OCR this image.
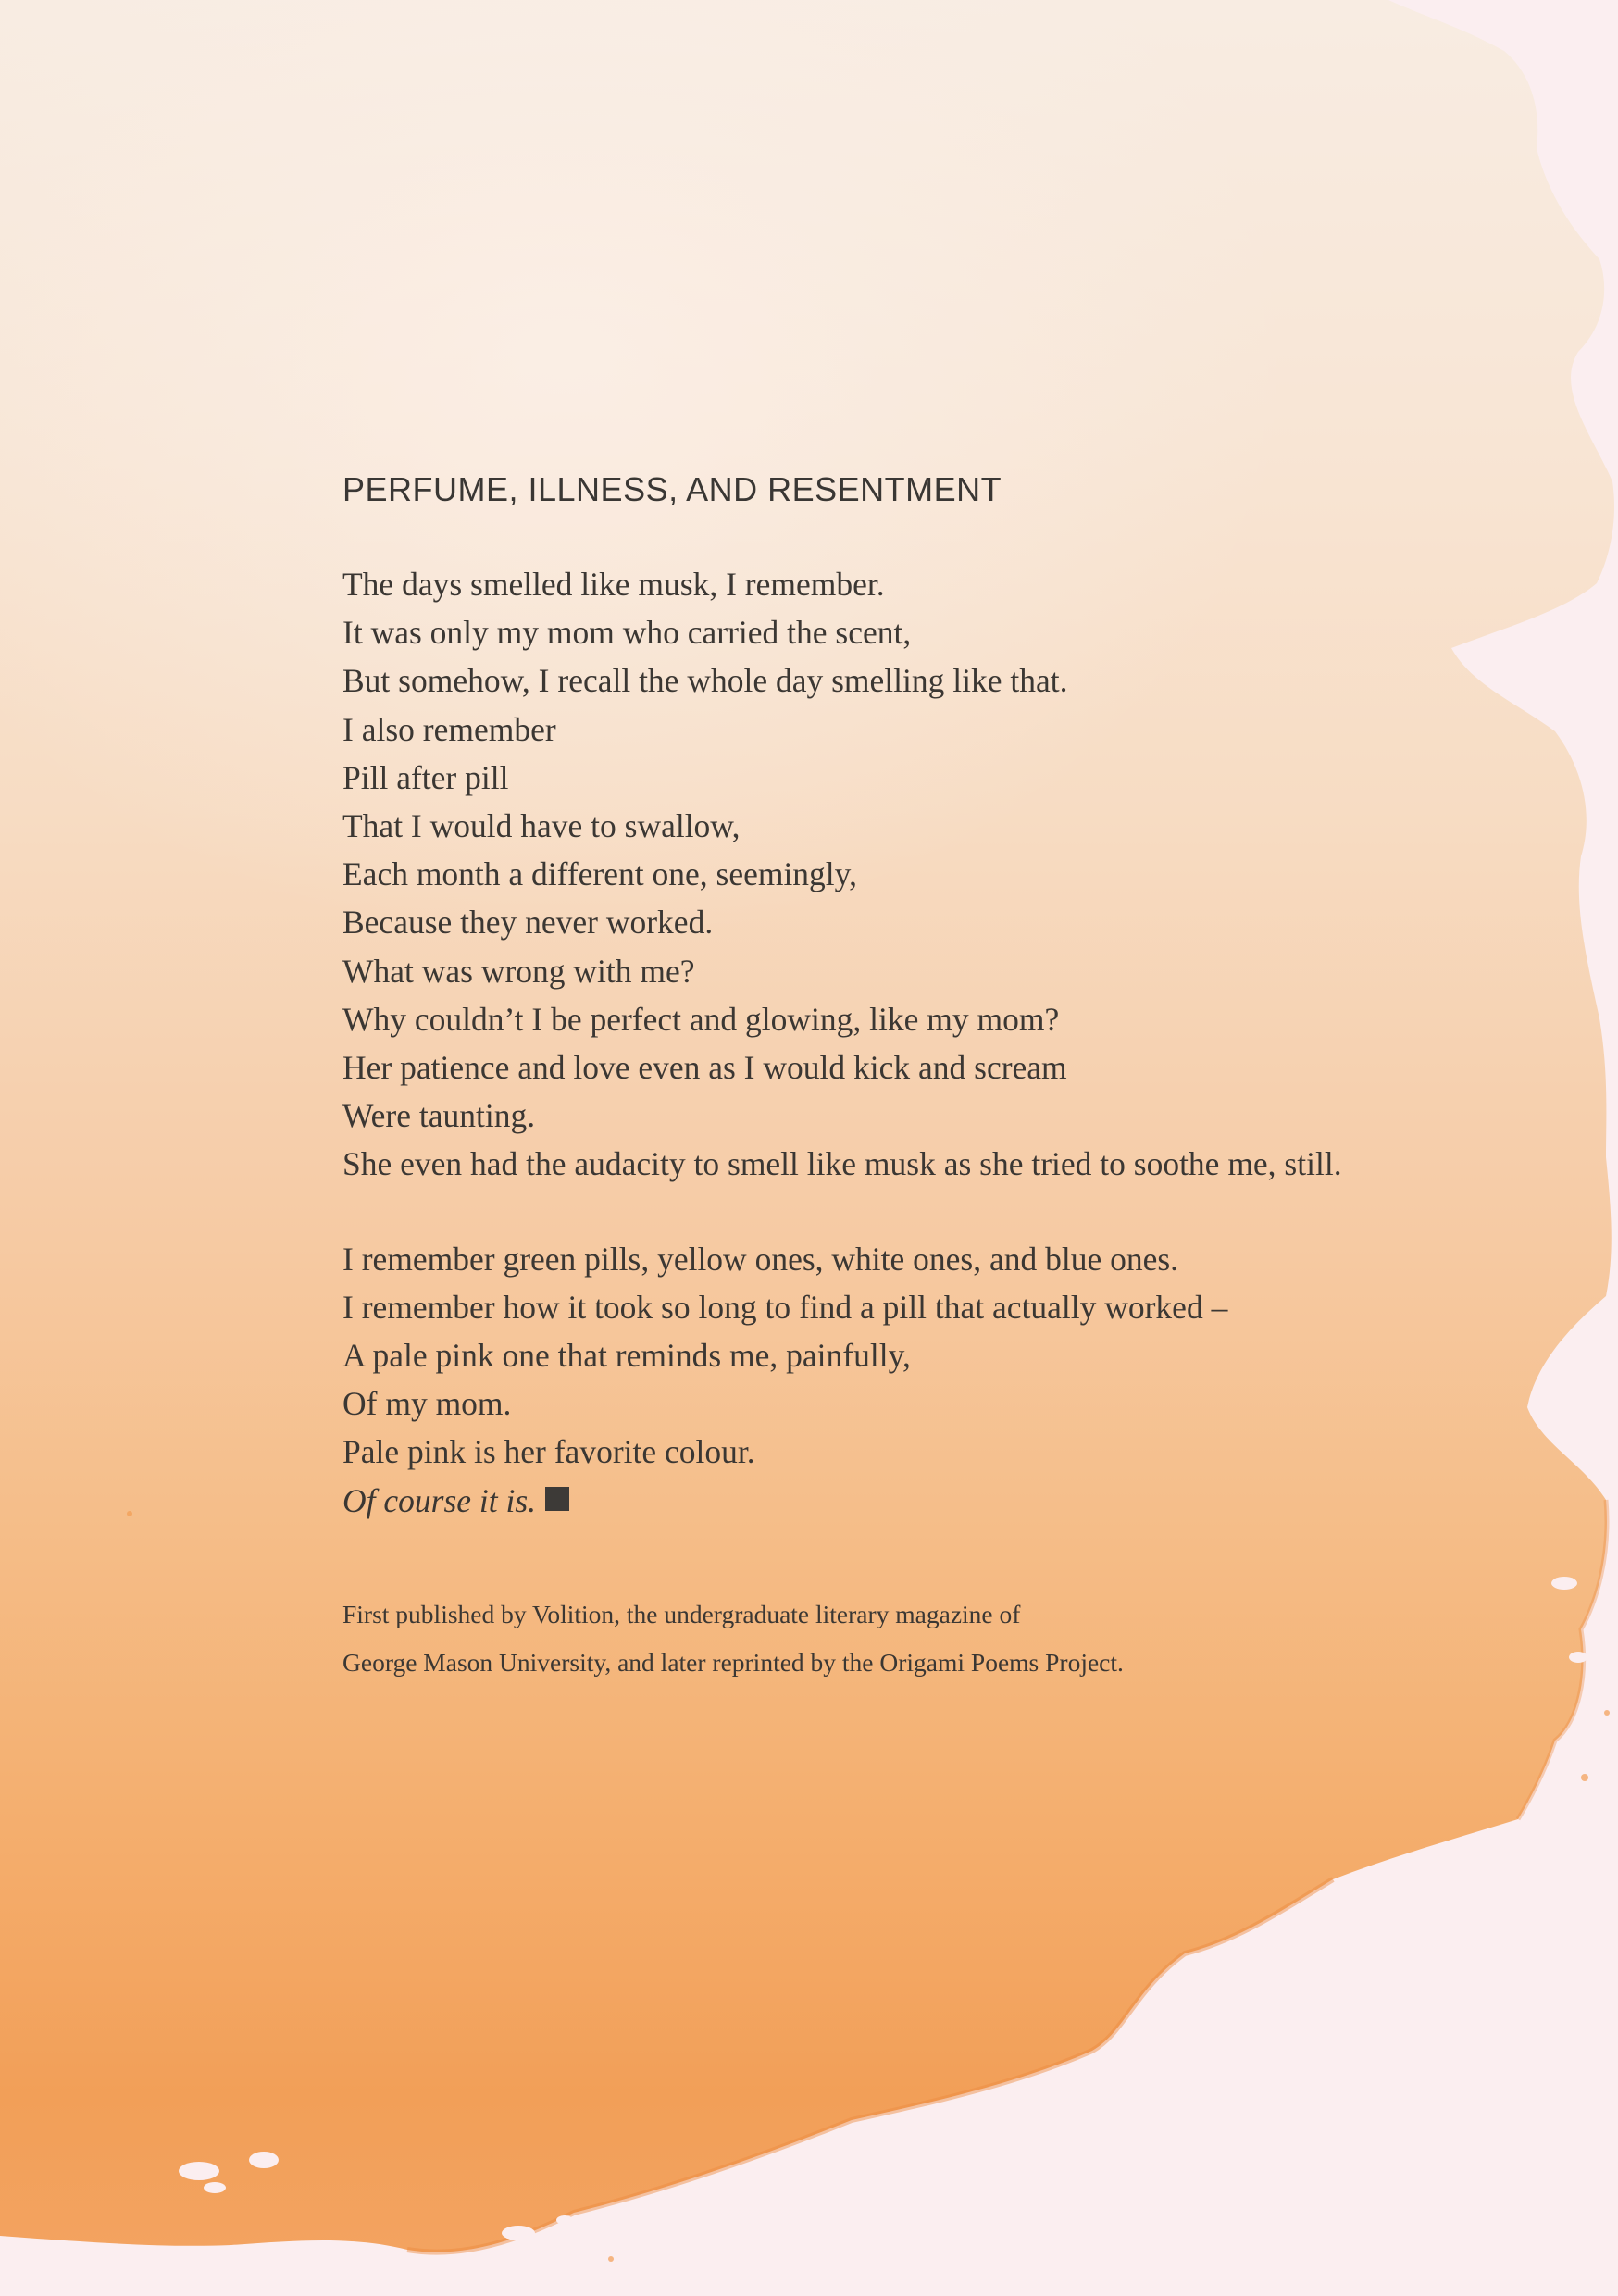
PERFUME, ILLNESS, AND RESENTMENT

The days smelled like musk, I remember.
It was only my mom who carried the scent,
But somehow, I recall the whole day smelling like that.
I also remember
Pill after pill
That I would have to swallow,
Each month a different one, seemingly,
Because they never worked.
What was wrong with me?
Why couldn’t I be perfect and glowing, like my mom?
Her patience and love even as I would kick and scream
Were taunting.
She even had the audacity to smell like musk as she tried to soothe me, still.

I remember green pills, yellow ones, white ones, and blue ones.
I remember how it took so long to find a pill that actually worked –
A pale pink one that reminds me, painfully,
Of my mom.
Pale pink is her favorite colour.
Of course it is.

First published by Volition, the undergraduate literary magazine of
George Mason University, and later reprinted by the Origami Poems Project.
